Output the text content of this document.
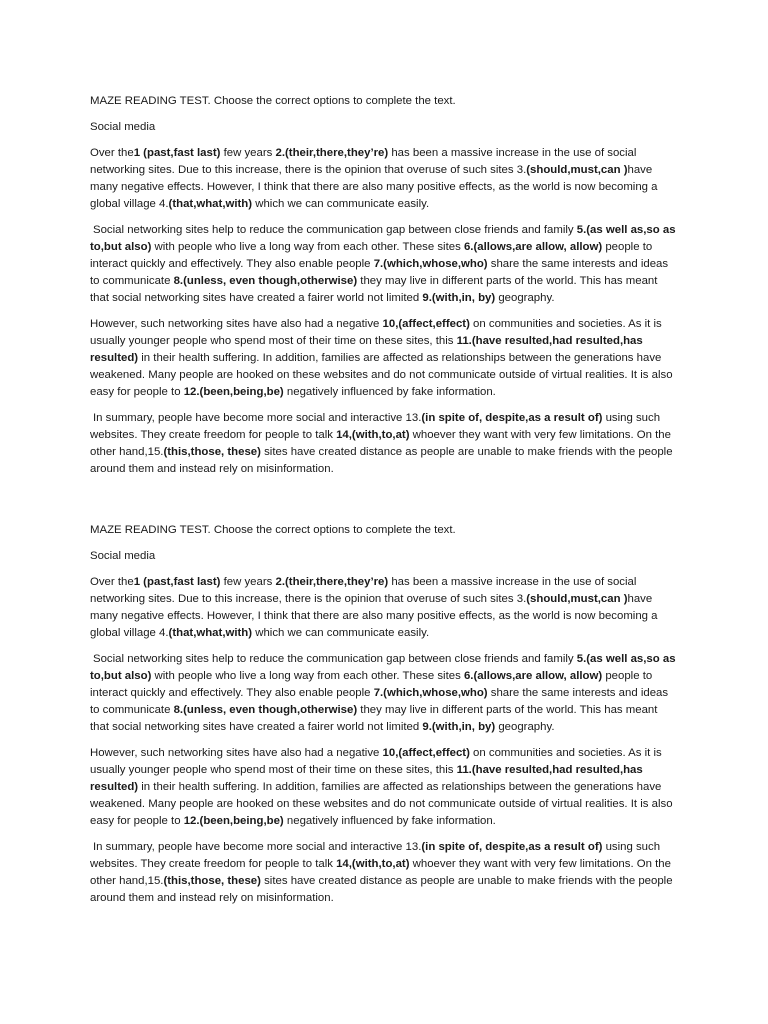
MAZE READING TEST. Choose the correct options to complete the text.

Social media

Over the1 (past,fast last) few years 2.(their,there,they’re) has been a massive increase in the use of social networking sites. Due to this increase, there is the opinion that overuse of such sites 3.(should,must,can )have many negative effects. However, I think that there are also many positive effects, as the world is now becoming a global village 4.(that,what,with) which we can communicate easily.

Social networking sites help to reduce the communication gap between close friends and family 5.(as well as,so as to,but also) with people who live a long way from each other. These sites 6.(allows,are allow, allow) people to interact quickly and effectively. They also enable people 7.(which,whose,who) share the same interests and ideas to communicate 8.(unless, even though,otherwise) they may live in different parts of the world. This has meant that social networking sites have created a fairer world not limited 9.(with,in, by) geography.

However, such networking sites have also had a negative 10,(affect,effect) on communities and societies. As it is usually younger people who spend most of their time on these sites, this 11.(have resulted,had resulted,has resulted) in their health suffering. In addition, families are affected as relationships between the generations have weakened. Many people are hooked on these websites and do not communicate outside of virtual realities. It is also easy for people to 12.(been,being,be) negatively influenced by fake information.

In summary, people have become more social and interactive 13.(in spite of, despite,as a result of) using such websites. They create freedom for people to talk 14,(with,to,at) whoever they want with very few limitations. On the other hand,15.(this,those, these) sites have created distance as people are unable to make friends with the people around them and instead rely on misinformation.

MAZE READING TEST. Choose the correct options to complete the text.

Social media

Over the1 (past,fast last) few years 2.(their,there,they’re) has been a massive increase in the use of social networking sites. Due to this increase, there is the opinion that overuse of such sites 3.(should,must,can )have many negative effects. However, I think that there are also many positive effects, as the world is now becoming a global village 4.(that,what,with) which we can communicate easily.

Social networking sites help to reduce the communication gap between close friends and family 5.(as well as,so as to,but also) with people who live a long way from each other. These sites 6.(allows,are allow, allow) people to interact quickly and effectively. They also enable people 7.(which,whose,who) share the same interests and ideas to communicate 8.(unless, even though,otherwise) they may live in different parts of the world. This has meant that social networking sites have created a fairer world not limited 9.(with,in, by) geography.

However, such networking sites have also had a negative 10,(affect,effect) on communities and societies. As it is usually younger people who spend most of their time on these sites, this 11.(have resulted,had resulted,has resulted) in their health suffering. In addition, families are affected as relationships between the generations have weakened. Many people are hooked on these websites and do not communicate outside of virtual realities. It is also easy for people to 12.(been,being,be) negatively influenced by fake information.

In summary, people have become more social and interactive 13.(in spite of, despite,as a result of) using such websites. They create freedom for people to talk 14,(with,to,at) whoever they want with very few limitations. On the other hand,15.(this,those, these) sites have created distance as people are unable to make friends with the people around them and instead rely on misinformation.
